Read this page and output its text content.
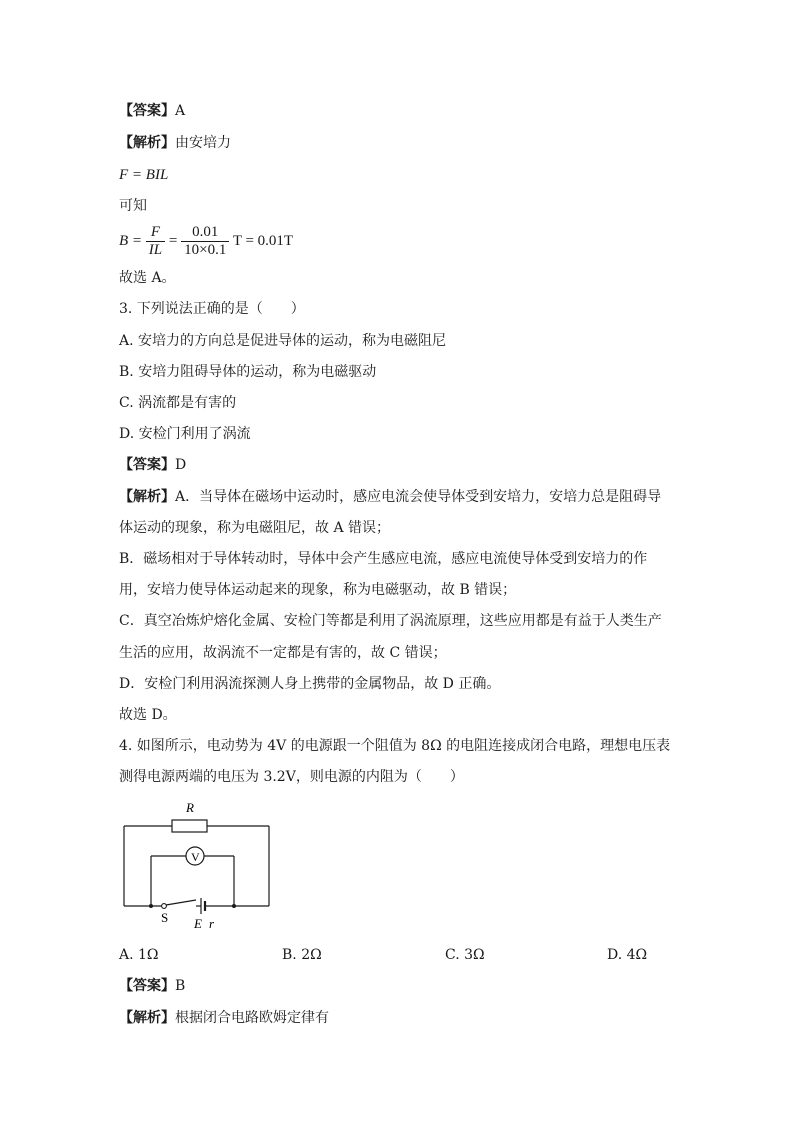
【答案】A
【解析】由安培力
F = BIL
可知
$B = \frac{F}{IL} = \frac{0.01}{10\times 0.1}$ T = 0.01T
故选 A。
3. 下列说法正确的是（　　）
A. 安培力的方向总是促进导体的运动，称为电磁阻尼
B. 安培力阻碍导体的运动，称为电磁驱动
C. 涡流都是有害的
D. 安检门利用了涡流
【答案】D
【解析】A．当导体在磁场中运动时，感应电流会使导体受到安培力，安培力总是阻碍导
体运动的现象，称为电磁阻尼，故 A 错误；
B．磁场相对于导体转动时，导体中会产生感应电流，感应电流使导体受到安培力的作
用，安培力使导体运动起来的现象，称为电磁驱动，故 B 错误；
C．真空冶炼炉熔化金属、安检门等都是利用了涡流原理，这些应用都是有益于人类生产
生活的应用，故涡流不一定都是有害的，故 C 错误；
D．安检门利用涡流探测人身上携带的金属物品，故 D 正确。
故选 D。
4. 如图所示，电动势为 4V 的电源跟一个阻值为 8Ω 的电阻连接成闭合电路，理想电压表
测得电源两端的电压为 3.2V，则电源的内阻为（　　）
R
V
S E r
A. 1Ω	B. 2Ω	C. 3Ω	D. 4Ω
【答案】B
【解析】根据闭合电路欧姆定律有
